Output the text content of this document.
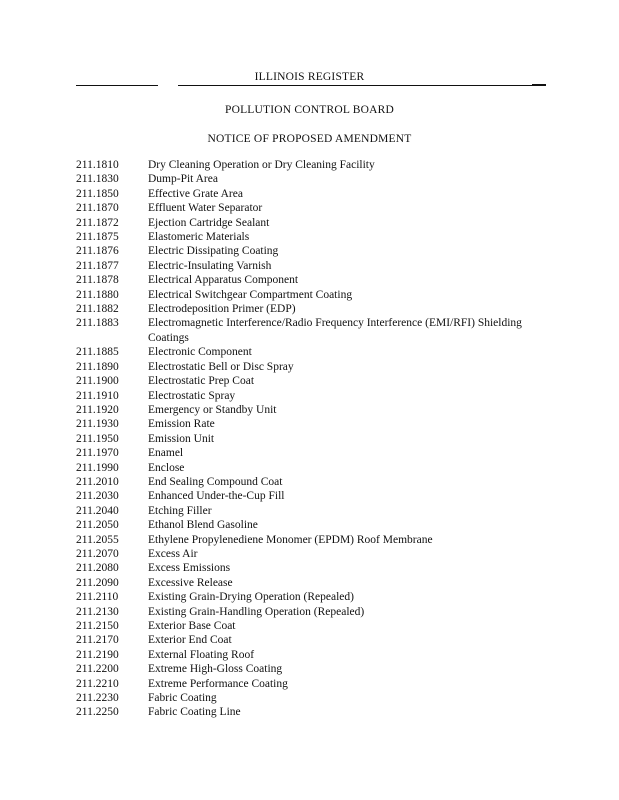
ILLINOIS REGISTER
POLLUTION CONTROL BOARD
NOTICE OF PROPOSED AMENDMENT
211.1810	Dry Cleaning Operation or Dry Cleaning Facility
211.1830	Dump-Pit Area
211.1850	Effective Grate Area
211.1870	Effluent Water Separator
211.1872	Ejection Cartridge Sealant
211.1875	Elastomeric Materials
211.1876	Electric Dissipating Coating
211.1877	Electric-Insulating Varnish
211.1878	Electrical Apparatus Component
211.1880	Electrical Switchgear Compartment Coating
211.1882	Electrodeposition Primer (EDP)
211.1883	Electromagnetic Interference/Radio Frequency Interference (EMI/RFI) Shielding Coatings
211.1885	Electronic Component
211.1890	Electrostatic Bell or Disc Spray
211.1900	Electrostatic Prep Coat
211.1910	Electrostatic Spray
211.1920	Emergency or Standby Unit
211.1930	Emission Rate
211.1950	Emission Unit
211.1970	Enamel
211.1990	Enclose
211.2010	End Sealing Compound Coat
211.2030	Enhanced Under-the-Cup Fill
211.2040	Etching Filler
211.2050	Ethanol Blend Gasoline
211.2055	Ethylene Propylenediene Monomer (EPDM) Roof Membrane
211.2070	Excess Air
211.2080	Excess Emissions
211.2090	Excessive Release
211.2110	Existing Grain-Drying Operation (Repealed)
211.2130	Existing Grain-Handling Operation (Repealed)
211.2150	Exterior Base Coat
211.2170	Exterior End Coat
211.2190	External Floating Roof
211.2200	Extreme High-Gloss Coating
211.2210	Extreme Performance Coating
211.2230	Fabric Coating
211.2250	Fabric Coating Line
